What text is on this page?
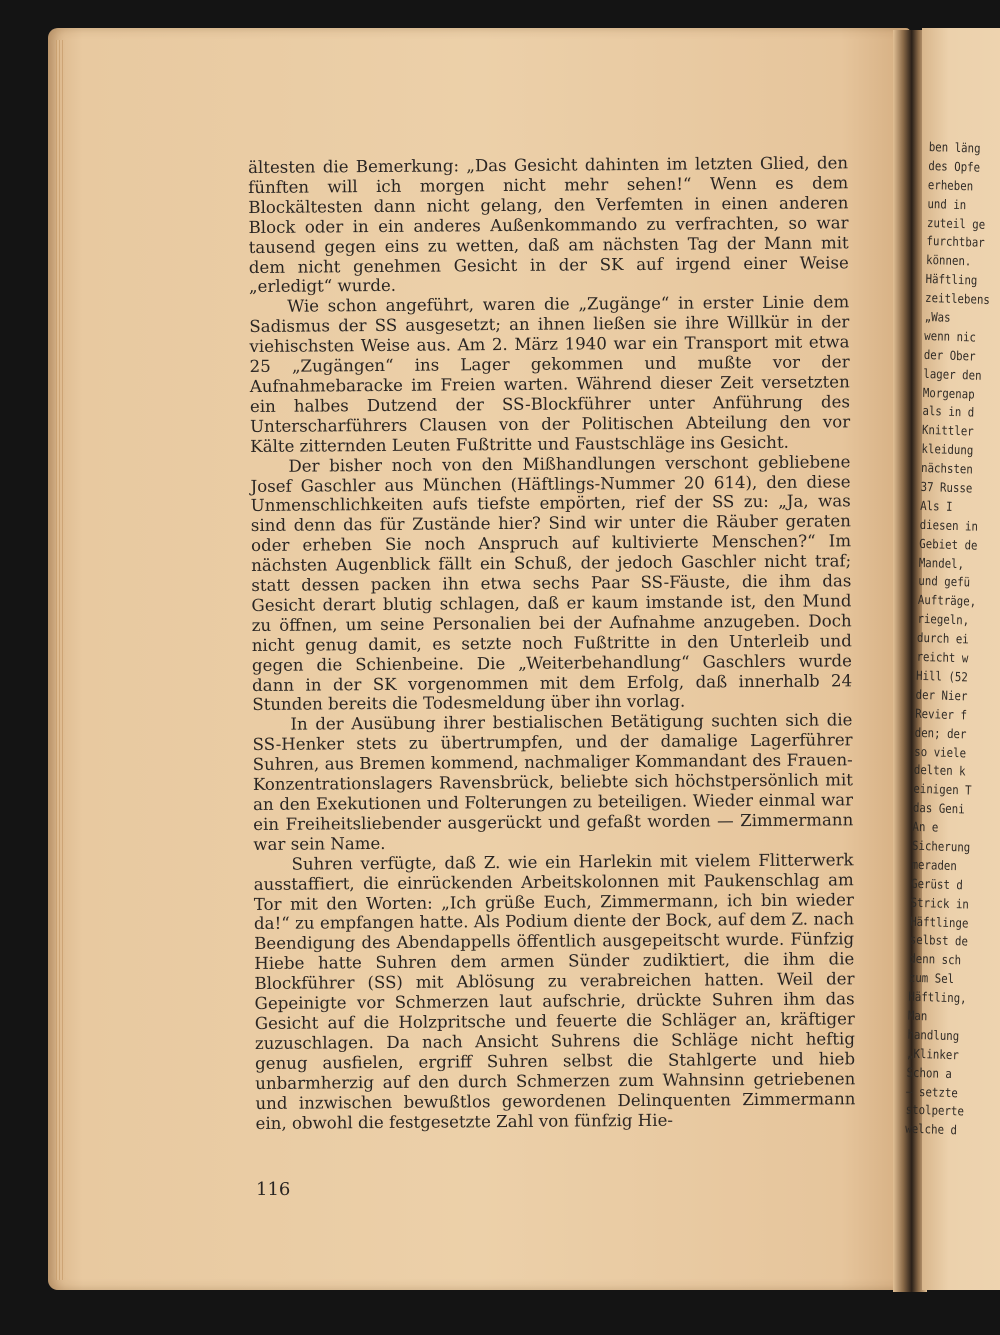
ältesten die Bemerkung: „Das Gesicht dahinten im letzten Glied, den fünften will ich morgen nicht mehr sehen!“ Wenn es dem Blockältesten dann nicht gelang, den Verfemten in einen anderen Block oder in ein anderes Außenkommando zu verfrachten, so war tausend gegen eins zu wetten, daß am nächsten Tag der Mann mit dem nicht genehmen Gesicht in der SK auf irgend einer Weise „erledigt“ wurde.

Wie schon angeführt, waren die „Zugänge“ in erster Linie dem Sadismus der SS ausgesetzt; an ihnen ließen sie ihre Willkür in der viehischsten Weise aus. Am 2. März 1940 war ein Transport mit etwa 25 „Zugängen“ ins Lager gekommen und mußte vor der Aufnahmebaracke im Freien warten. Während dieser Zeit versetzten ein halbes Dutzend der SS-Blockführer unter Anführung des Unterscharführers Clausen von der Politischen Abteilung den vor Kälte zitternden Leuten Fußtritte und Faustschläge ins Gesicht.

Der bisher noch von den Mißhandlungen verschont gebliebene Josef Gaschler aus München (Häftlings-Nummer 20 614), den diese Unmenschlichkeiten aufs tiefste empörten, rief der SS zu: „Ja, was sind denn das für Zustände hier? Sind wir unter die Räuber geraten oder erheben Sie noch Anspruch auf kultivierte Menschen?“ Im nächsten Augenblick fällt ein Schuß, der jedoch Gaschler nicht traf; statt dessen packen ihn etwa sechs Paar SS-Fäuste, die ihm das Gesicht derart blutig schlagen, daß er kaum imstande ist, den Mund zu öffnen, um seine Personalien bei der Aufnahme anzugeben. Doch nicht genug damit, es setzte noch Fußtritte in den Unterleib und gegen die Schienbeine. Die „Weiterbehandlung“ Gaschlers wurde dann in der SK vorgenommen mit dem Erfolg, daß innerhalb 24 Stunden bereits die Todesmeldung über ihn vorlag.

In der Ausübung ihrer bestialischen Betätigung suchten sich die SS-Henker stets zu übertrumpfen, und der damalige Lagerführer Suhren, aus Bremen kommend, nachmaliger Kommandant des Frauen-Konzentrationslagers Ravensbrück, beliebte sich höchstpersönlich mit an den Exekutionen und Folterungen zu beteiligen. Wieder einmal war ein Freiheitsliebender ausgerückt und gefaßt worden — Zimmermann war sein Name.

Suhren verfügte, daß Z. wie ein Harlekin mit vielem Flitterwerk ausstaffiert, die einrückenden Arbeitskolonnen mit Paukenschlag am Tor mit den Worten: „Ich grüße Euch, Zimmermann, ich bin wieder da!“ zu empfangen hatte. Als Podium diente der Bock, auf dem Z. nach Beendigung des Abendappells öffentlich ausgepeitscht wurde. Fünfzig Hiebe hatte Suhren dem armen Sünder zudiktiert, die ihm die Blockführer (SS) mit Ablösung zu verabreichen hatten. Weil der Gepeinigte vor Schmerzen laut aufschrie, drückte Suhren ihm das Gesicht auf die Holzpritsche und feuerte die Schläger an, kräftiger zuzuschlagen. Da nach Ansicht Suhrens die Schläge nicht heftig genug ausfielen, ergriff Suhren selbst die Stahlgerte und hieb unbarmherzig auf den durch Schmerzen zum Wahnsinn getriebenen und inzwischen bewußtlos gewordenen Delinquenten Zimmermann ein, obwohl die festgesetzte Zahl von fünfzig Hie-

116
ben läng
des Opfe
erheben
und in
zuteil ge
furchtbar
können.
Häftling
zeitlebens
„Was
wenn nic
der Ober
lager den
Morgenap
als in d
Knittler
kleidung
nächsten
37 Russe
Als I
diesen in
Gebiet de
Mandel,
und gefü
Aufträge,
riegeln,
durch ei
reicht w
Hill (52
der Nier
Revier f
den; der
so viele
delten k
einigen T
das Geni
An e
Sicherung
meraden
Gerüst d
Strick in
Häftlinge
selbst de
denn sch
zum Sel
Häftling,
Man
handlung
„Klinker
Schon a
— setzte
stolperte
welche d
